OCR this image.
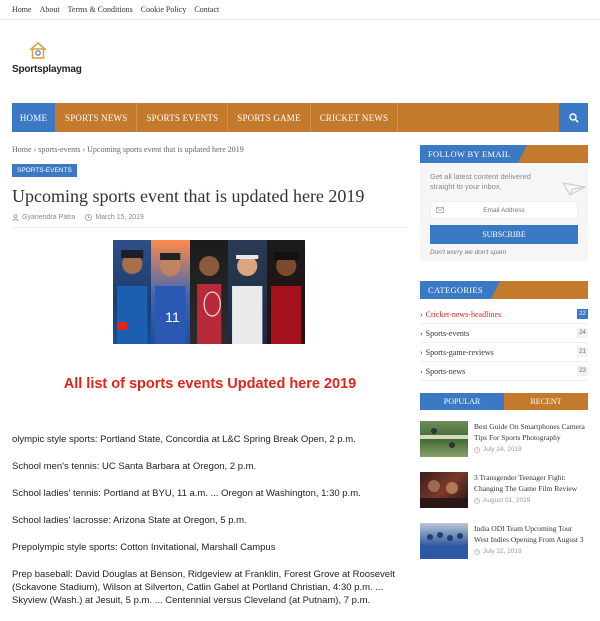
Home About Terms & Conditions Cookie Policy Contact
Sportsplaymag
HOME	SPORTS NEWS	SPORTS EVENTS	SPORTS GAME	CRICKET NEWS
Home › sports-events › Upcoming sports event that is updated here 2019
SPORTS-EVENTS
Upcoming sports event that is updated here 2019
Gyanendra Patra	March 15, 2019
11
All list of sports events Updated here 2019

olympic style sports: Portland State, Concordia at L&C Spring Break Open, 2 p.m.

School men's tennis: UC Santa Barbara at Oregon, 2 p.m.

School ladies' tennis: Portland at BYU, 11 a.m. ... Oregon at Washington, 1:30 p.m.

School ladies' lacrosse: Arizona State at Oregon, 5 p.m.

Prepolympic style sports: Cotton Invitational, Marshall Campus

Prep baseball: David Douglas at Benson, Ridgeview at Franklin, Forest Grove at Roosevelt (Sckavone Stadium), Wilson at Silverton, Catlin Gabel at Portland Christian, 4:30 p.m. ... Skyview (Wash.) at Jesuit, 5 p.m. ... Centennial versus Cleveland (at Putnam), 7 p.m.

FOLLOW BY EMAIL
Get all latest content delivered straight to your inbox.
Email Address
SUBSCRIBE
Don't worry we don't spam
CATEGORIES
› Cricket-news-headlines	22
› Sports-events	24
› Sports-game-reviews	21
› Sports-news	23
POPULAR	RECENT
Best Guide On Smartphones Camera Tips For Sports Photography
July 24, 2019
3 Transgender Teenager Fight: Changing The Game Film Review
August 01, 2019
India ODI Team Upcoming Tour West Indies Opening From August 3
July 22, 2019
